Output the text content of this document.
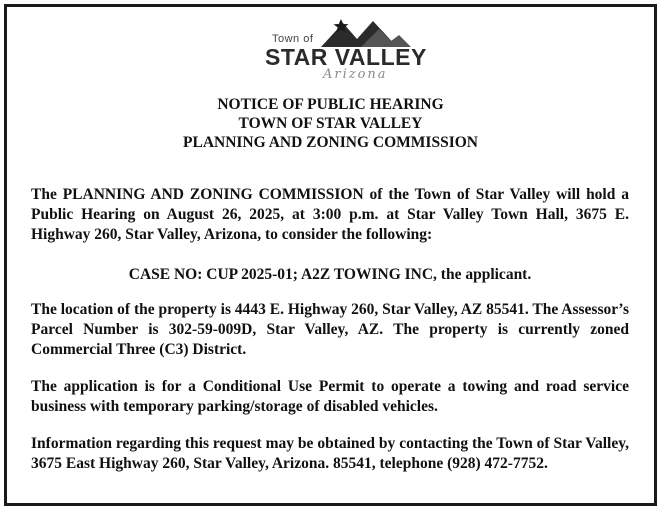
Town of
STAR VALLEY
Arizona
NOTICE OF PUBLIC HEARING
TOWN OF STAR VALLEY
PLANNING AND ZONING COMMISSION
The PLANNING AND ZONING COMMISSION of the Town of Star Valley will hold a Public Hearing on August 26, 2025, at 3:00 p.m. at Star Valley Town Hall, 3675 E. Highway 260, Star Valley, Arizona, to consider the following:
CASE NO: CUP 2025-01; A2Z TOWING INC, the applicant.
The location of the property is 4443 E. Highway 260, Star Valley, AZ 85541. The Assessor’s Parcel Number is 302-59-009D, Star Valley, AZ. The property is currently zoned Commercial Three (C3) District.
The application is for a Conditional Use Permit to operate a towing and road service business with temporary parking/storage of disabled vehicles.
Information regarding this request may be obtained by contacting the Town of Star Valley, 3675 East Highway 260, Star Valley, Arizona. 85541, telephone (928) 472-7752.
